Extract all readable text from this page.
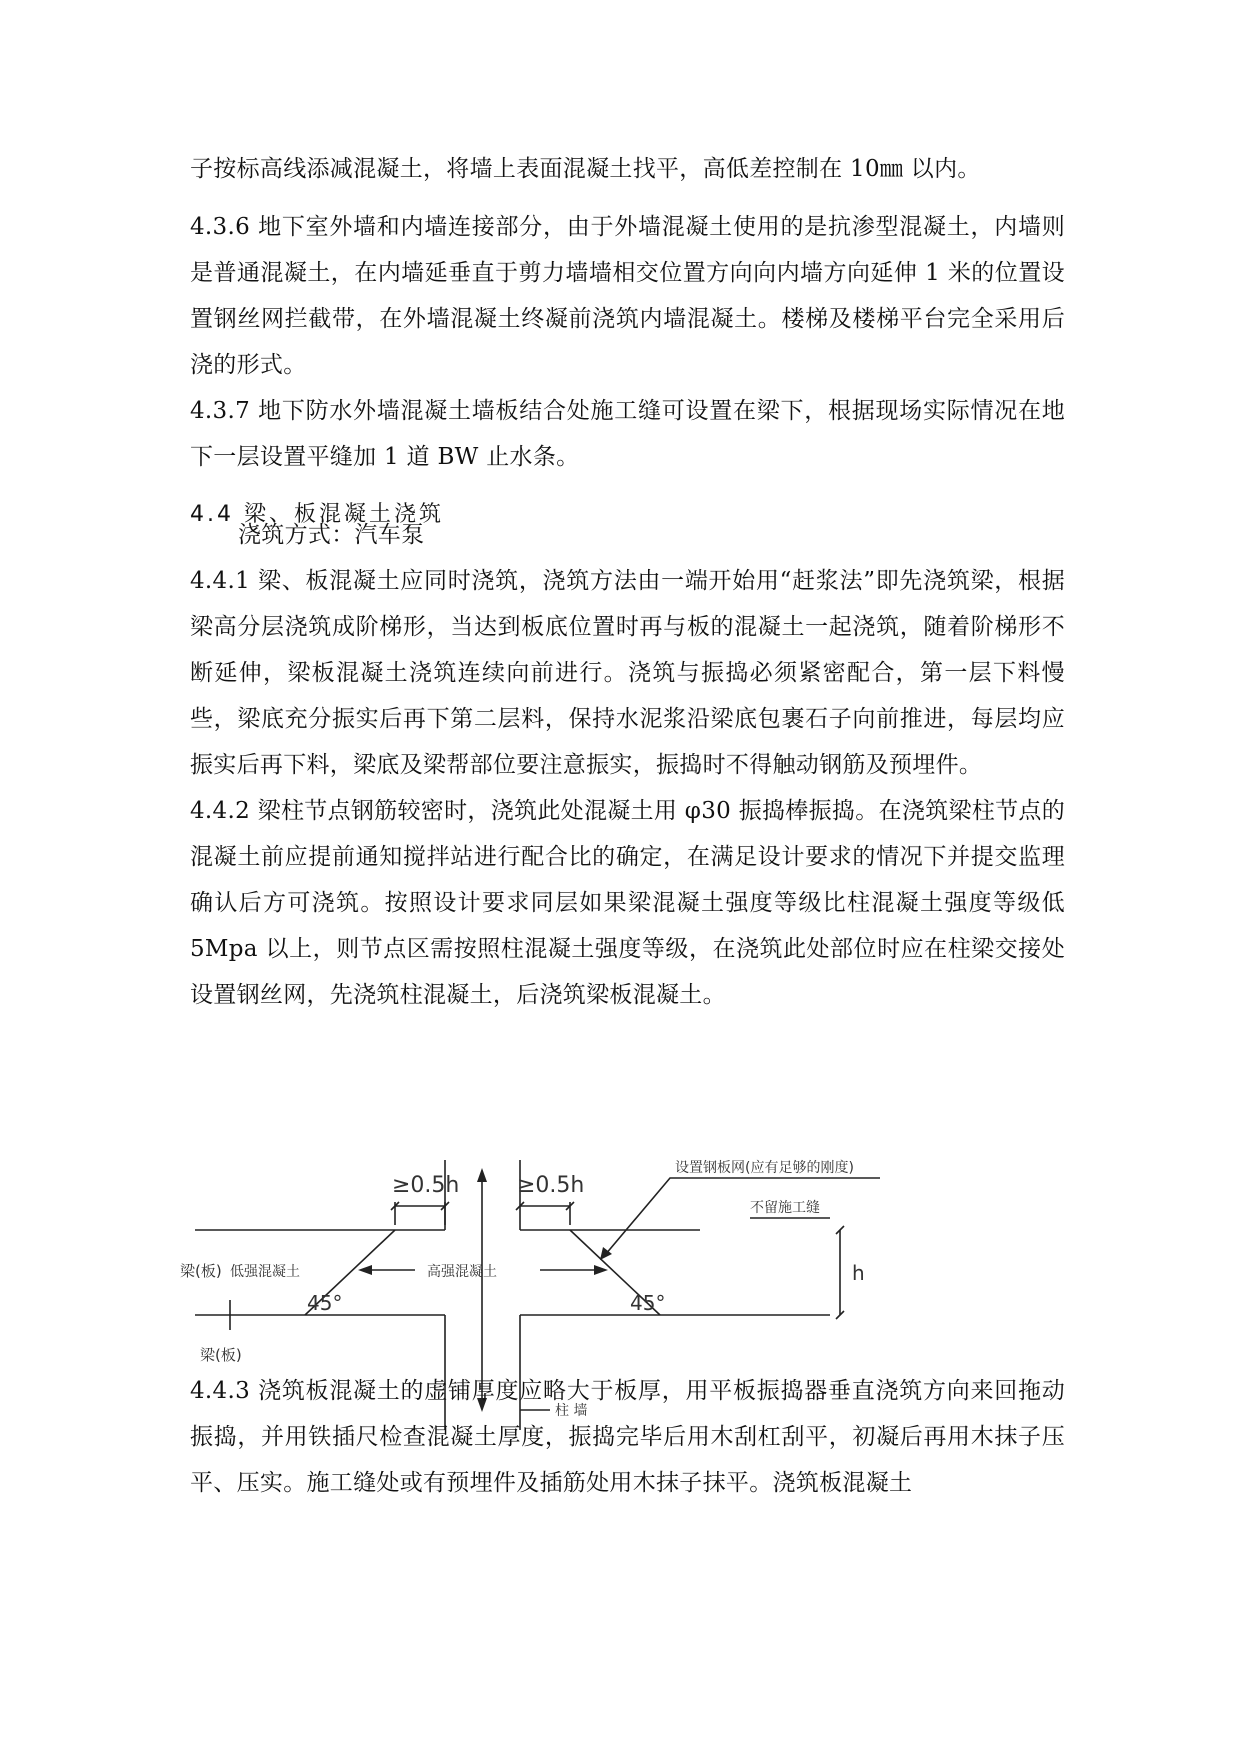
子按标高线添减混凝土，将墙上表面混凝土找平，高低差控制在 10㎜ 以内。

4.3.6 地下室外墙和内墙连接部分，由于外墙混凝土使用的是抗渗型混凝土，内墙则是普通混凝土，在内墙延垂直于剪力墙墙相交位置方向向内墙方向延伸 1 米的位置设置钢丝网拦截带，在外墙混凝土终凝前浇筑内墙混凝土。楼梯及楼梯平台完全采用后浇的形式。

4.3.7 地下防水外墙混凝土墙板结合处施工缝可设置在梁下，根据现场实际情况在地下一层设置平缝加 1 道 BW 止水条。

4.4 梁、板混凝土浇筑

浇筑方式：汽车泵

4.4.1 梁、板混凝土应同时浇筑，浇筑方法由一端开始用“赶浆法”即先浇筑梁，根据梁高分层浇筑成阶梯形，当达到板底位置时再与板的混凝土一起浇筑，随着阶梯形不断延伸，梁板混凝土浇筑连续向前进行。浇筑与振捣必须紧密配合，第一层下料慢些，梁底充分振实后再下第二层料，保持水泥浆沿梁底包裹石子向前推进，每层均应振实后再下料，梁底及梁帮部位要注意振实，振捣时不得触动钢筋及预埋件。

4.4.2 梁柱节点钢筋较密时，浇筑此处混凝土用 φ30 振捣棒振捣。在浇筑梁柱节点的混凝土前应提前通知搅拌站进行配合比的确定，在满足设计要求的情况下并提交监理确认后方可浇筑。按照设计要求同层如果梁混凝土强度等级比柱混凝土强度等级低 5Mpa 以上，则节点区需按照柱混凝土强度等级，在浇筑此处部位时应在柱梁交接处设置钢丝网，先浇筑柱混凝土，后浇筑梁板混凝土。

≥0.5h	≥0.5h
设置钢板网(应有足够的刚度)
不留施工缝
h
梁(板) 低强混凝土	高强混凝土
45°	45°
梁(板)
柱 墙

4.4.3 浇筑板混凝土的虚铺厚度应略大于板厚，用平板振捣器垂直浇筑方向来回拖动振捣，并用铁插尺检查混凝土厚度，振捣完毕后用木刮杠刮平，初凝后再用木抹子压平、压实。施工缝处或有预埋件及插筋处用木抹子抹平。浇筑板混凝土
